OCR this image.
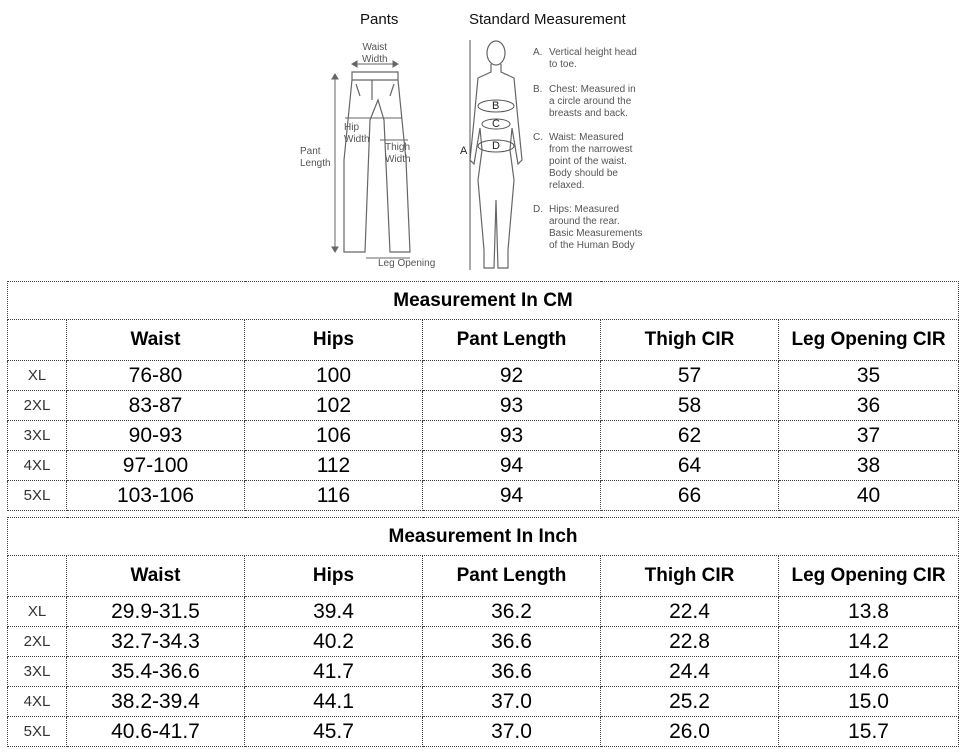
Pants	Standard Measurement
Waist
Width
Hip
Width
Pant
Length
Thigh
Width
Leg Opening
A
B
C
D
A. Vertical height head
to toe.
B. Chest: Measured in
a circle around the
breasts and back.
C. Waist: Measured
from the narrowest
point of the waist.
Body should be
relaxed.
D. Hips: Measured
around the rear.
Basic Measurements
of the Human Body
Measurement In CM					
	Waist	Hips	Pant Length	Thigh CIR	Leg Opening CIR
XL	76-80	100	92	57	35
2XL	83-87	102	93	58	36
3XL	90-93	106	93	62	37
4XL	97-100	112	94	64	38
5XL	103-106	116	94	66	40
Measurement In Inch					
	Waist	Hips	Pant Length	Thigh CIR	Leg Opening CIR
XL	29.9-31.5	39.4	36.2	22.4	13.8
2XL	32.7-34.3	40.2	36.6	22.8	14.2
3XL	35.4-36.6	41.7	36.6	24.4	14.6
4XL	38.2-39.4	44.1	37.0	25.2	15.0
5XL	40.6-41.7	45.7	37.0	26.0	15.7
